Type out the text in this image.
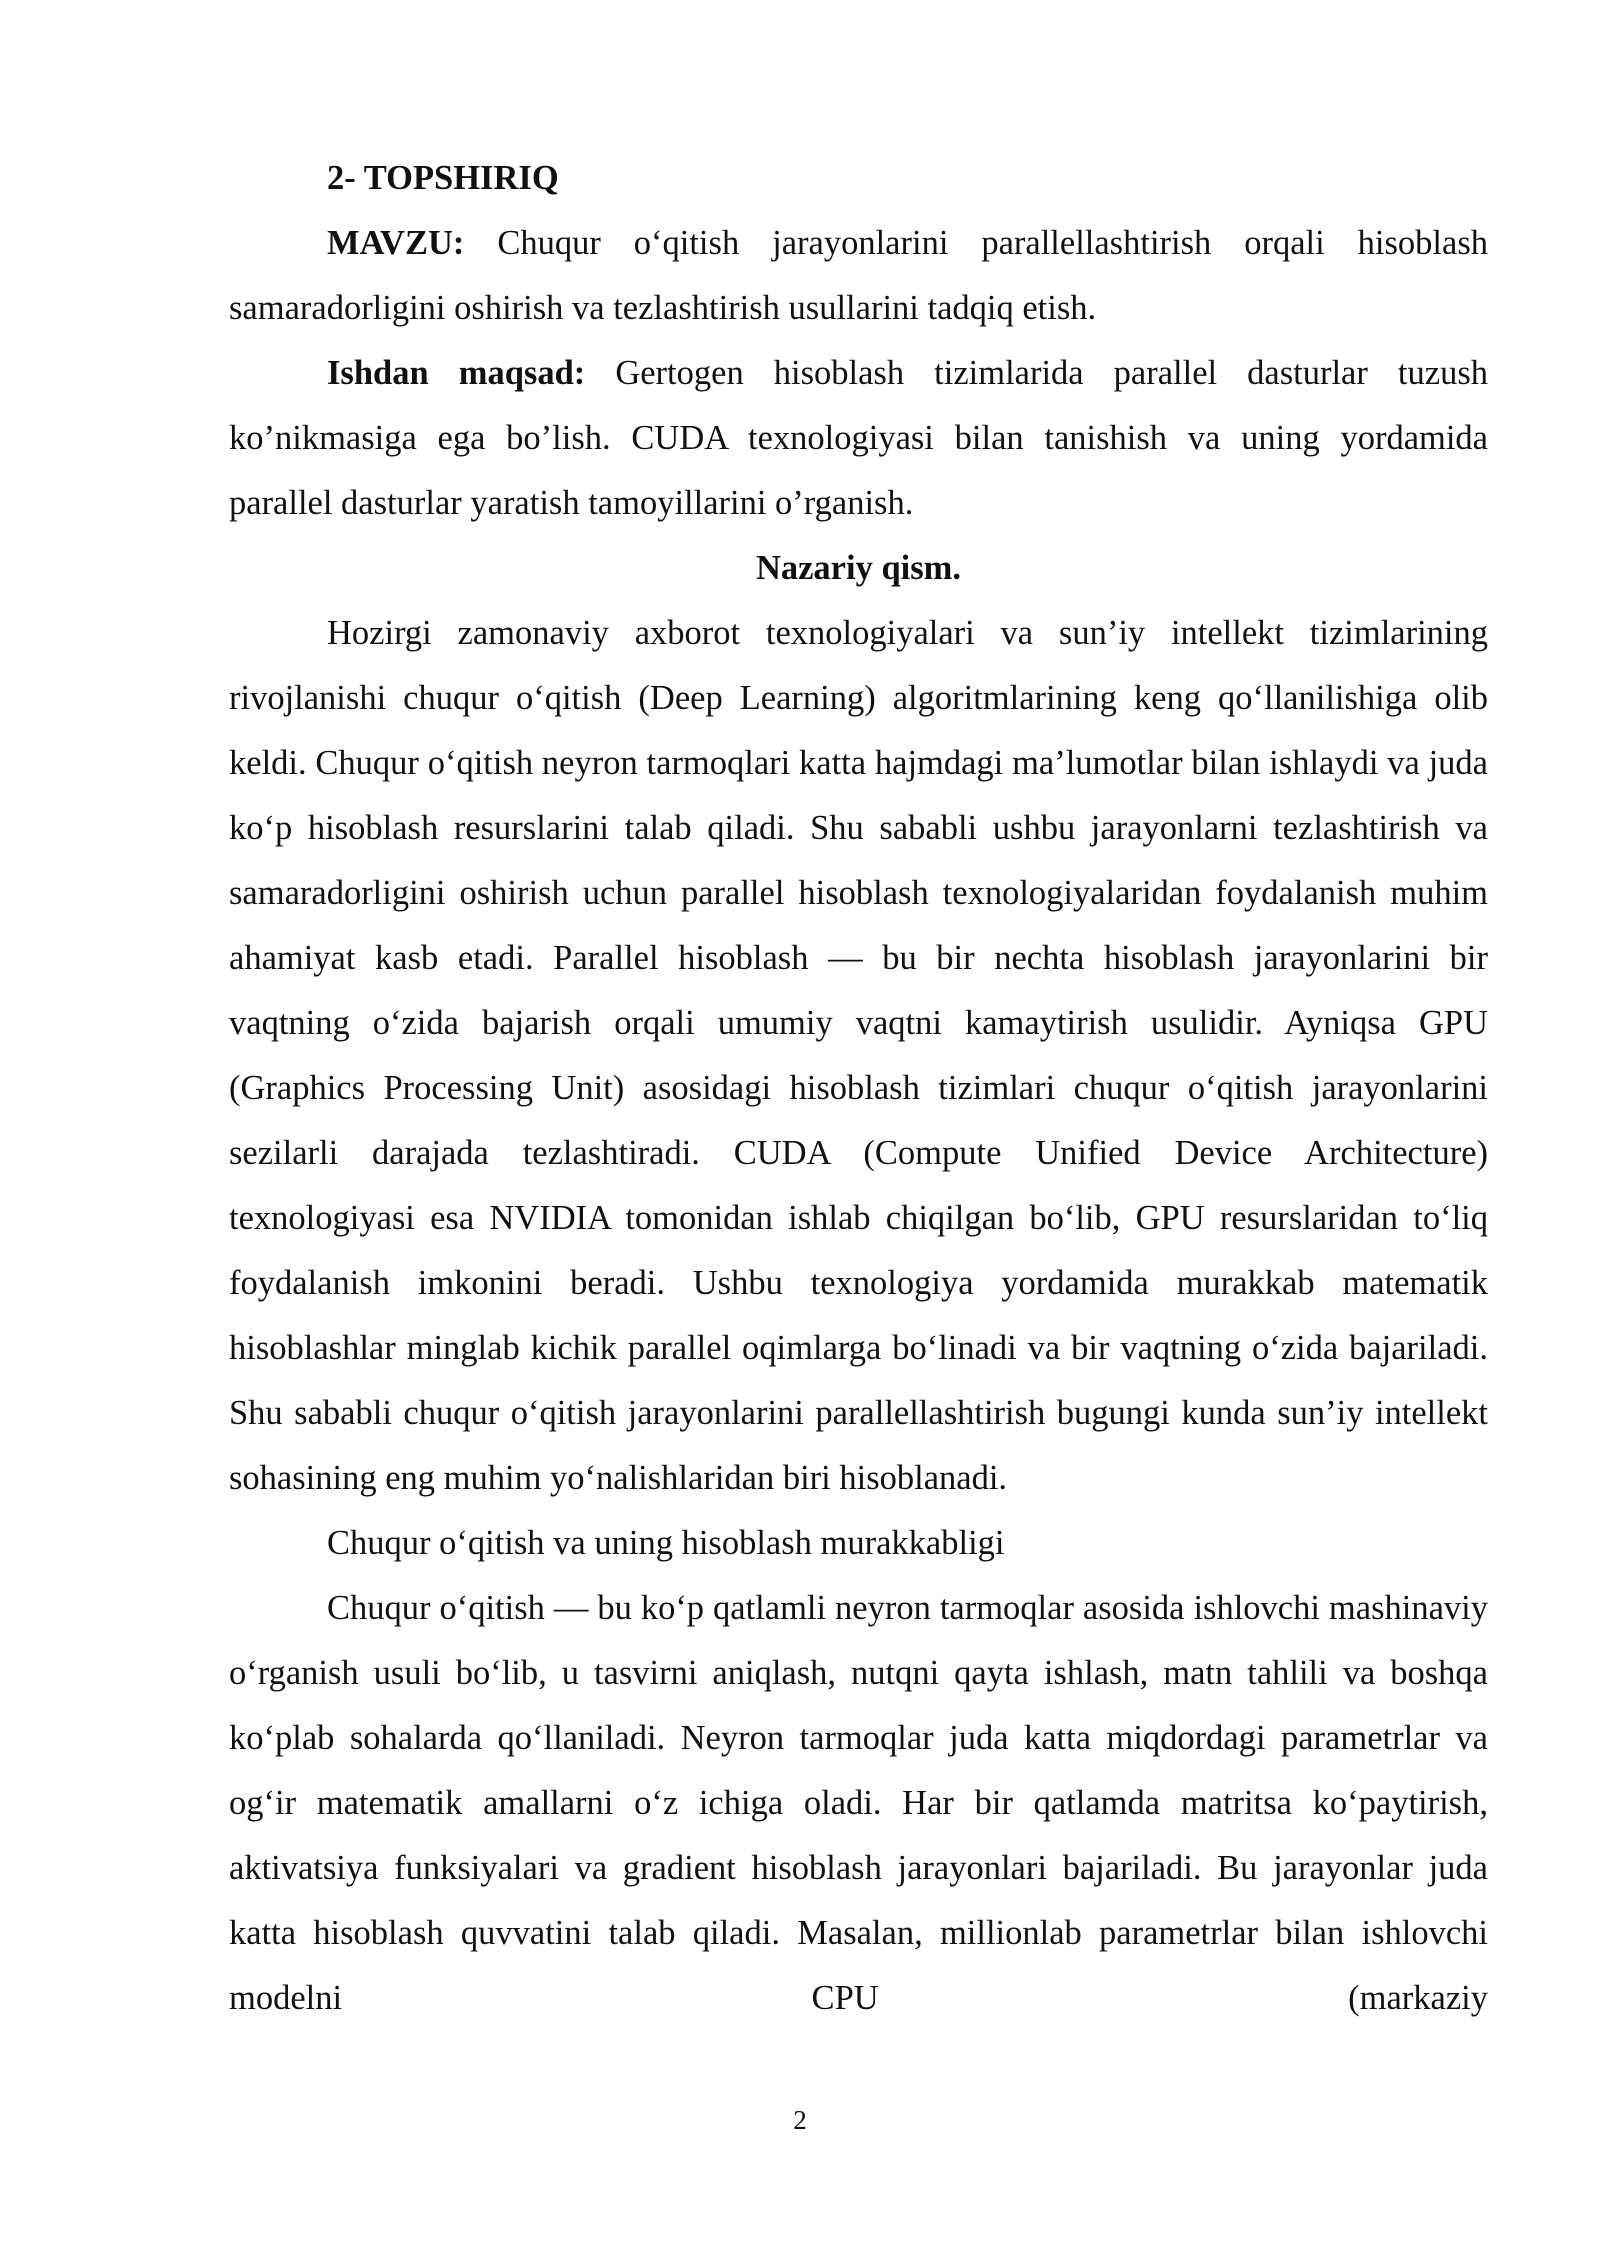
2- TOPSHIRIQ

MAVZU: Chuqur o‘qitish jarayonlarini parallellashtirish orqali hisoblash samaradorligini oshirish va tezlashtirish usullarini tadqiq etish.

Ishdan maqsad: Gertogen hisoblash tizimlarida parallel dasturlar tuzush ko’nikmasiga ega bo’lish. CUDA texnologiyasi bilan tanishish va uning yordamida parallel dasturlar yaratish tamoyillarini o’rganish.

Nazariy qism.

Hozirgi zamonaviy axborot texnologiyalari va sun’iy intellekt tizimlarining rivojlanishi chuqur o‘qitish (Deep Learning) algoritmlarining keng qo‘llanilishiga olib keldi. Chuqur o‘qitish neyron tarmoqlari katta hajmdagi ma’lumotlar bilan ishlaydi va juda ko‘p hisoblash resurslarini talab qiladi. Shu sababli ushbu jarayonlarni tezlashtirish va samaradorligini oshirish uchun parallel hisoblash texnologiyalaridan foydalanish muhim ahamiyat kasb etadi. Parallel hisoblash — bu bir nechta hisoblash jarayonlarini bir vaqtning o‘zida bajarish orqali umumiy vaqtni kamaytirish usulidir. Ayniqsa GPU (Graphics Processing Unit) asosidagi hisoblash tizimlari chuqur o‘qitish jarayonlarini sezilarli darajada tezlashtiradi. CUDA (Compute Unified Device Architecture) texnologiyasi esa NVIDIA tomonidan ishlab chiqilgan bo‘lib, GPU resurslaridan to‘liq foydalanish imkonini beradi. Ushbu texnologiya yordamida murakkab matematik hisoblashlar minglab kichik parallel oqimlarga bo‘linadi va bir vaqtning o‘zida bajariladi. Shu sababli chuqur o‘qitish jarayonlarini parallellashtirish bugungi kunda sun’iy intellekt sohasining eng muhim yo‘nalishlaridan biri hisoblanadi.

Chuqur o‘qitish va uning hisoblash murakkabligi

Chuqur o‘qitish — bu ko‘p qatlamli neyron tarmoqlar asosida ishlovchi mashinaviy o‘rganish usuli bo‘lib, u tasvirni aniqlash, nutqni qayta ishlash, matn tahlili va boshqa ko‘plab sohalarda qo‘llaniladi. Neyron tarmoqlar juda katta miqdordagi parametrlar va og‘ir matematik amallarni o‘z ichiga oladi. Har bir qatlamda matritsa ko‘paytirish, aktivatsiya funksiyalari va gradient hisoblash jarayonlari bajariladi. Bu jarayonlar juda katta hisoblash quvvatini talab qiladi. Masalan, millionlab parametrlar bilan ishlovchi modelni CPU (markaziy

2
